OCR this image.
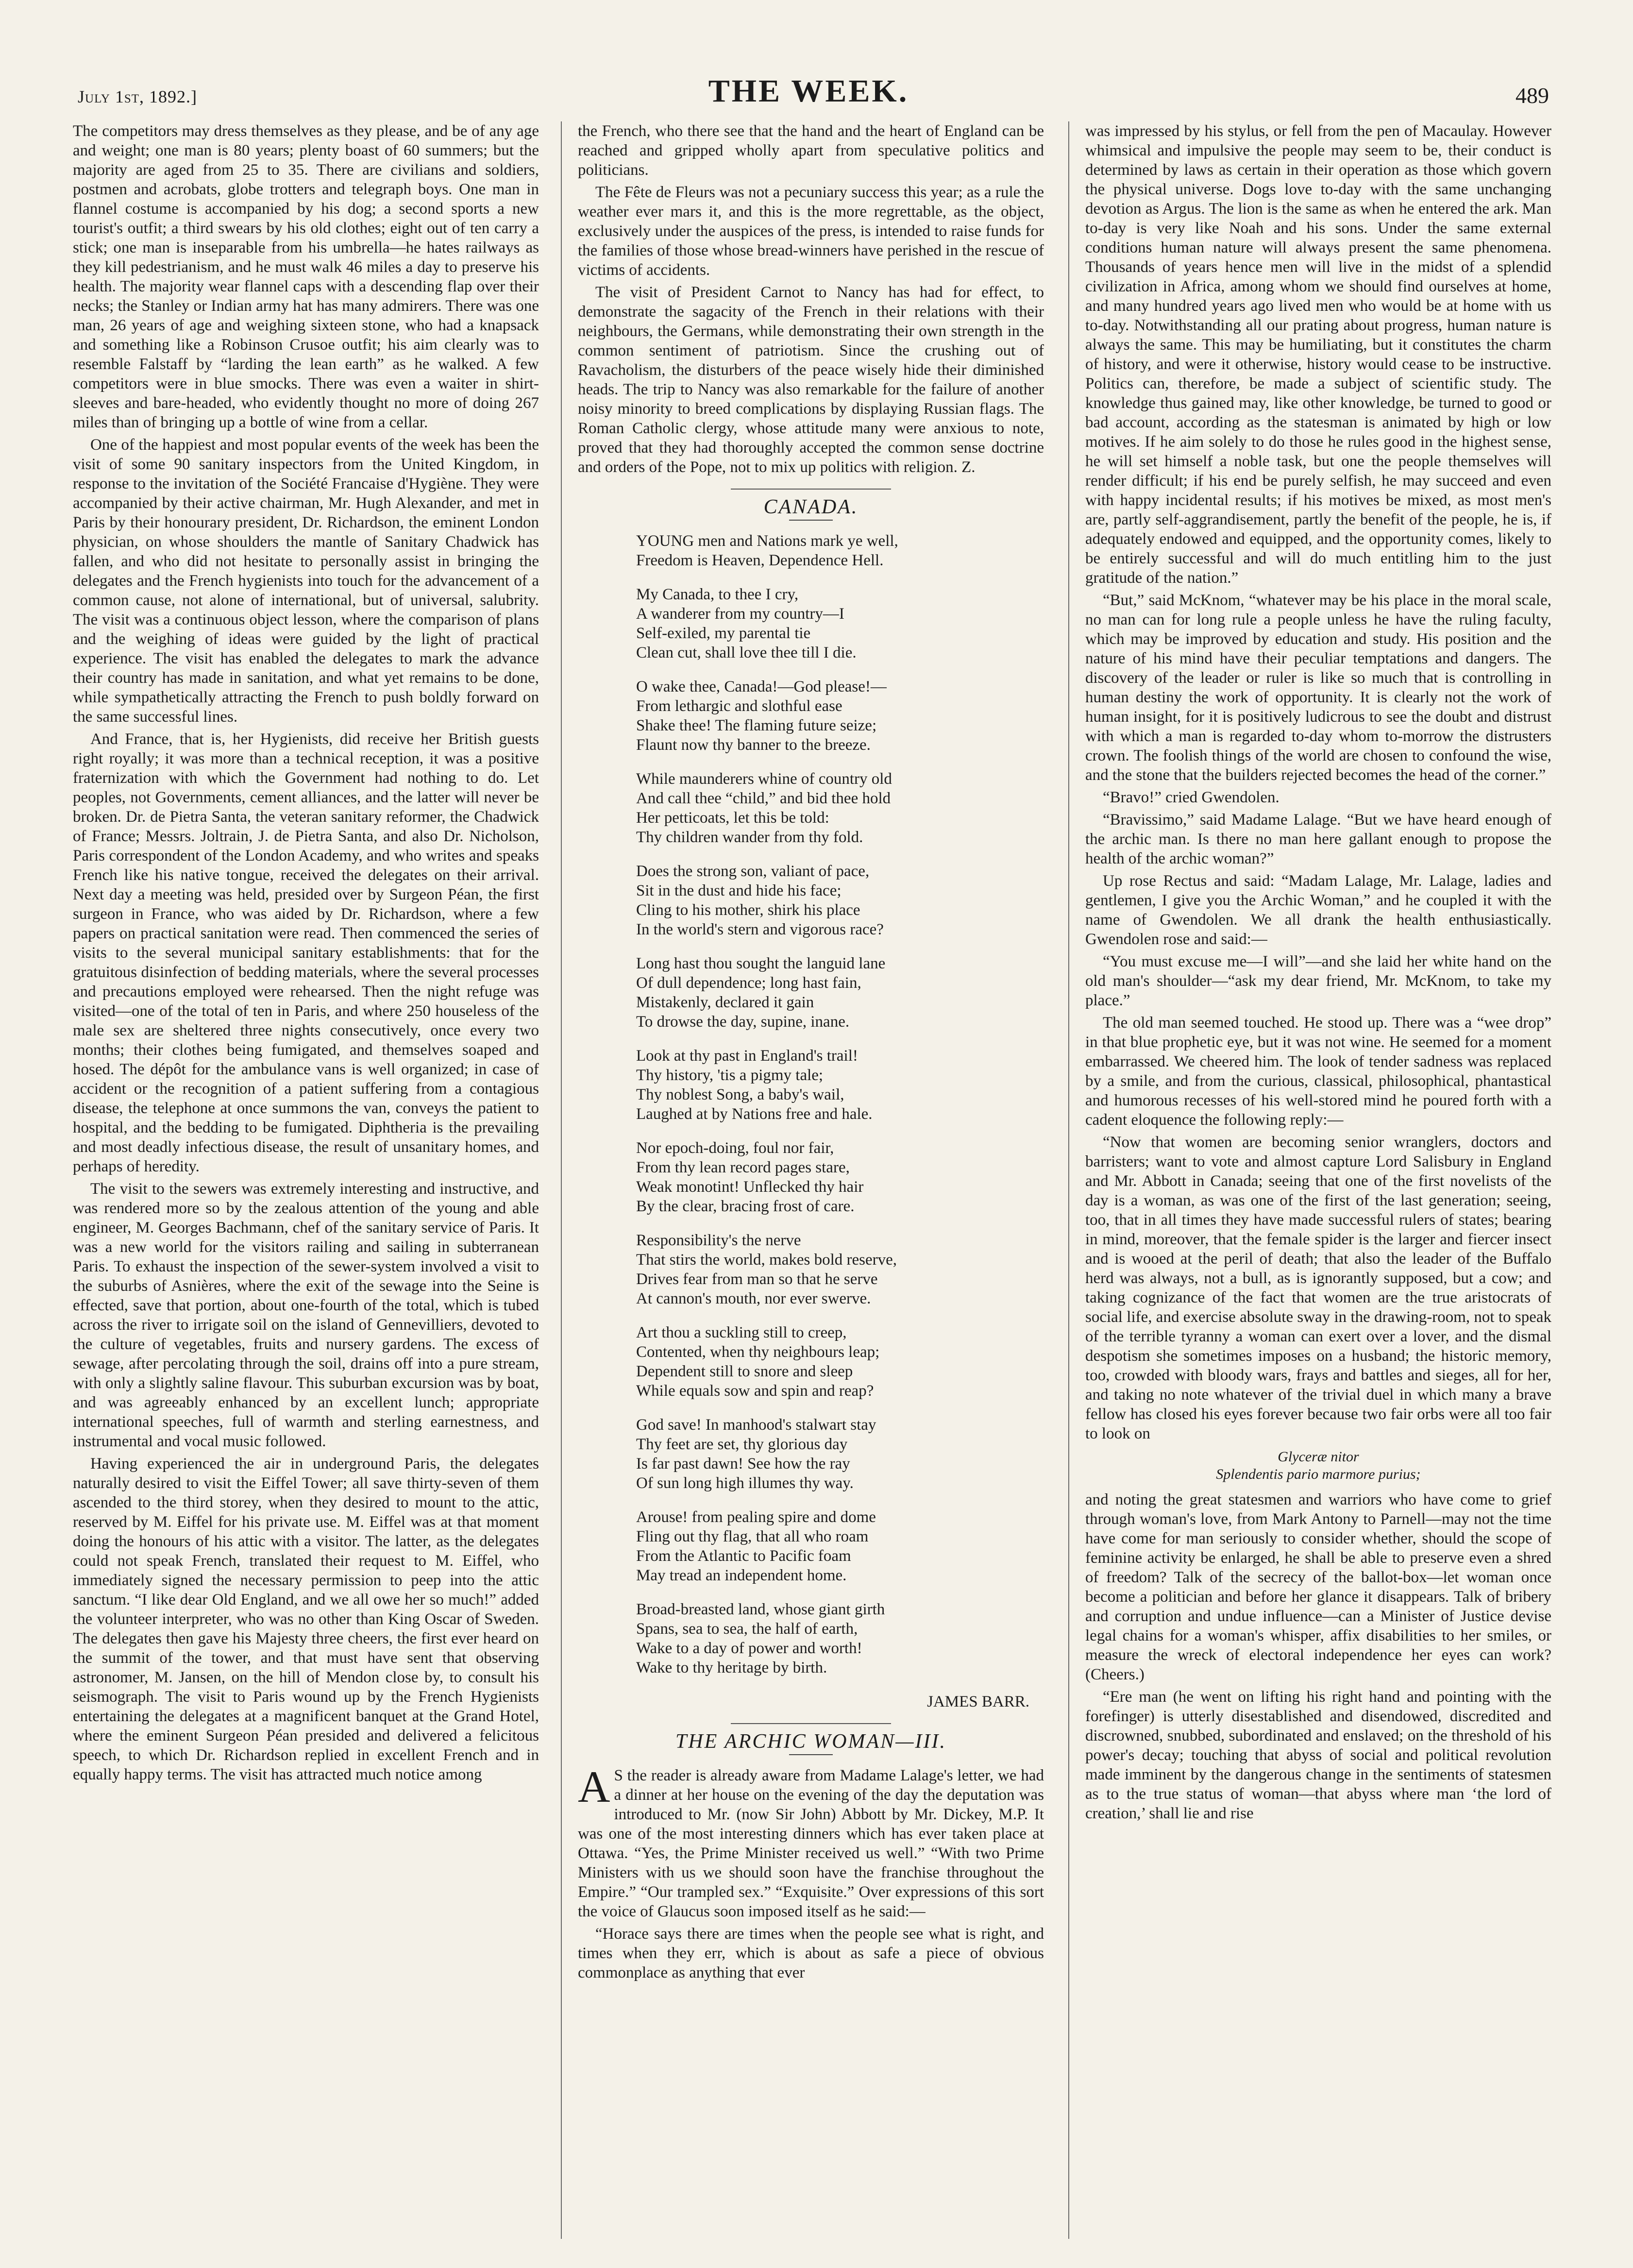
July 1st, 1892.]	THE WEEK.	489

The competitors may dress themselves as they please, and be of any age and weight; one man is 80 years; plenty boast of 60 summers; but the majority are aged from 25 to 35. There are civilians and soldiers, postmen and acrobats, globe trotters and telegraph boys. One man in flannel costume is accompanied by his dog; a second sports a new tourist's outfit; a third swears by his old clothes; eight out of ten carry a stick; one man is inseparable from his umbrella—he hates railways as they kill pedestrianism, and he must walk 46 miles a day to preserve his health. The majority wear flannel caps with a descending flap over their necks; the Stanley or Indian army hat has many admirers. There was one man, 26 years of age and weighing sixteen stone, who had a knapsack and something like a Robinson Crusoe outfit; his aim clearly was to resemble Falstaff by “larding the lean earth” as he walked. A few competitors were in blue smocks. There was even a waiter in shirt-sleeves and bare-headed, who evidently thought no more of doing 267 miles than of bringing up a bottle of wine from a cellar.

One of the happiest and most popular events of the week has been the visit of some 90 sanitary inspectors from the United Kingdom, in response to the invitation of the Société Francaise d'Hygiène. They were accompanied by their active chairman, Mr. Hugh Alexander, and met in Paris by their honourary president, Dr. Richardson, the eminent London physician, on whose shoulders the mantle of Sanitary Chadwick has fallen, and who did not hesitate to personally assist in bringing the delegates and the French hygienists into touch for the advancement of a common cause, not alone of international, but of universal, salubrity. The visit was a continuous object lesson, where the comparison of plans and the weighing of ideas were guided by the light of practical experience. The visit has enabled the delegates to mark the advance their country has made in sanitation, and what yet remains to be done, while sympathetically attracting the French to push boldly forward on the same successful lines.

And France, that is, her Hygienists, did receive her British guests right royally; it was more than a technical reception, it was a positive fraternization with which the Government had nothing to do. Let peoples, not Governments, cement alliances, and the latter will never be broken. Dr. de Pietra Santa, the veteran sanitary reformer, the Chadwick of France; Messrs. Joltrain, J. de Pietra Santa, and also Dr. Nicholson, Paris correspondent of the London Academy, and who writes and speaks French like his native tongue, received the delegates on their arrival. Next day a meeting was held, presided over by Surgeon Péan, the first surgeon in France, who was aided by Dr. Richardson, where a few papers on practical sanitation were read. Then commenced the series of visits to the several municipal sanitary establishments: that for the gratuitous disinfection of bedding materials, where the several processes and precautions employed were rehearsed. Then the night refuge was visited—one of the total of ten in Paris, and where 250 houseless of the male sex are sheltered three nights consecutively, once every two months; their clothes being fumigated, and themselves soaped and hosed. The dépôt for the ambulance vans is well organized; in case of accident or the recognition of a patient suffering from a contagious disease, the telephone at once summons the van, conveys the patient to hospital, and the bedding to be fumigated. Diphtheria is the prevailing and most deadly infectious disease, the result of unsanitary homes, and perhaps of heredity.

The visit to the sewers was extremely interesting and instructive, and was rendered more so by the zealous attention of the young and able engineer, M. Georges Bachmann, chef of the sanitary service of Paris. It was a new world for the visitors railing and sailing in subterranean Paris. To exhaust the inspection of the sewer-system involved a visit to the suburbs of Asnières, where the exit of the sewage into the Seine is effected, save that portion, about one-fourth of the total, which is tubed across the river to irrigate soil on the island of Gennevilliers, devoted to the culture of vegetables, fruits and nursery gardens. The excess of sewage, after percolating through the soil, drains off into a pure stream, with only a slightly saline flavour. This suburban excursion was by boat, and was agreeably enhanced by an excellent lunch; appropriate international speeches, full of warmth and sterling earnestness, and instrumental and vocal music followed.

Having experienced the air in underground Paris, the delegates naturally desired to visit the Eiffel Tower; all save thirty-seven of them ascended to the third storey, when they desired to mount to the attic, reserved by M. Eiffel for his private use. M. Eiffel was at that moment doing the honours of his attic with a visitor. The latter, as the delegates could not speak French, translated their request to M. Eiffel, who immediately signed the necessary permission to peep into the attic sanctum. “I like dear Old England, and we all owe her so much!” added the volunteer interpreter, who was no other than King Oscar of Sweden. The delegates then gave his Majesty three cheers, the first ever heard on the summit of the tower, and that must have sent that observing astronomer, M. Jansen, on the hill of Mendon close by, to consult his seismograph. The visit to Paris wound up by the French Hygienists entertaining the delegates at a magnificent banquet at the Grand Hotel, where the eminent Surgeon Péan presided and delivered a felicitous speech, to which Dr. Richardson replied in excellent French and in equally happy terms. The visit has attracted much notice among

the French, who there see that the hand and the heart of England can be reached and gripped wholly apart from speculative politics and politicians.

The Fête de Fleurs was not a pecuniary success this year; as a rule the weather ever mars it, and this is the more regrettable, as the object, exclusively under the auspices of the press, is intended to raise funds for the families of those whose bread-winners have perished in the rescue of victims of accidents.

The visit of President Carnot to Nancy has had for effect, to demonstrate the sagacity of the French in their relations with their neighbours, the Germans, while demonstrating their own strength in the common sentiment of patriotism. Since the crushing out of Ravacholism, the disturbers of the peace wisely hide their diminished heads. The trip to Nancy was also remarkable for the failure of another noisy minority to breed complications by displaying Russian flags. The Roman Catholic clergy, whose attitude many were anxious to note, proved that they had thoroughly accepted the common sense doctrine and orders of the Pope, not to mix up politics with religion. Z.

CANADA.
YOUNG men and Nations mark ye well,
Freedom is Heaven, Dependence Hell.
My Canada, to thee I cry,
A wanderer from my country—I
Self-exiled, my parental tie
Clean cut, shall love thee till I die.
O wake thee, Canada!—God please!—
From lethargic and slothful ease
Shake thee! The flaming future seize;
Flaunt now thy banner to the breeze.
While maunderers whine of country old
And call thee “child,” and bid thee hold
Her petticoats, let this be told:
Thy children wander from thy fold.
Does the strong son, valiant of pace,
Sit in the dust and hide his face;
Cling to his mother, shirk his place
In the world's stern and vigorous race?
Long hast thou sought the languid lane
Of dull dependence; long hast fain,
Mistakenly, declared it gain
To drowse the day, supine, inane.
Look at thy past in England's trail!
Thy history, 'tis a pigmy tale;
Thy noblest Song, a baby's wail,
Laughed at by Nations free and hale.
Nor epoch-doing, foul nor fair,
From thy lean record pages stare,
Weak monotint! Unflecked thy hair
By the clear, bracing frost of care.
Responsibility's the nerve
That stirs the world, makes bold reserve,
Drives fear from man so that he serve
At cannon's mouth, nor ever swerve.
Art thou a suckling still to creep,
Contented, when thy neighbours leap;
Dependent still to snore and sleep
While equals sow and spin and reap?
God save! In manhood's stalwart stay
Thy feet are set, thy glorious day
Is far past dawn! See how the ray
Of sun long high illumes thy way.
Arouse! from pealing spire and dome
Fling out thy flag, that all who roam
From the Atlantic to Pacific foam
May tread an independent home.
Broad-breasted land, whose giant girth
Spans, sea to sea, the half of earth,
Wake to a day of power and worth!
Wake to thy heritage by birth.
JAMES BARR.
THE ARCHIC WOMAN—III.

A S the reader is already aware from Madame Lalage's letter, we had a dinner at her house on the evening of the day the deputation was introduced to Mr. (now Sir John) Abbott by Mr. Dickey, M.P. It was one of the most interesting dinners which has ever taken place at Ottawa. “Yes, the Prime Minister received us well.” “With two Prime Ministers with us we should soon have the franchise throughout the Empire.” “Our trampled sex.” “Exquisite.” Over expressions of this sort the voice of Glaucus soon imposed itself as he said:—

“Horace says there are times when the people see what is right, and times when they err, which is about as safe a piece of obvious commonplace as anything that ever

was impressed by his stylus, or fell from the pen of Macaulay. However whimsical and impulsive the people may seem to be, their conduct is determined by laws as certain in their operation as those which govern the physical universe. Dogs love to-day with the same unchanging devotion as Argus. The lion is the same as when he entered the ark. Man to-day is very like Noah and his sons. Under the same external conditions human nature will always present the same phenomena. Thousands of years hence men will live in the midst of a splendid civilization in Africa, among whom we should find ourselves at home, and many hundred years ago lived men who would be at home with us to-day. Notwithstanding all our prating about progress, human nature is always the same. This may be humiliating, but it constitutes the charm of history, and were it otherwise, history would cease to be instructive. Politics can, therefore, be made a subject of scientific study. The knowledge thus gained may, like other knowledge, be turned to good or bad account, according as the statesman is animated by high or low motives. If he aim solely to do those he rules good in the highest sense, he will set himself a noble task, but one the people themselves will render difficult; if his end be purely selfish, he may succeed and even with happy incidental results; if his motives be mixed, as most men's are, partly self-aggrandisement, partly the benefit of the people, he is, if adequately endowed and equipped, and the opportunity comes, likely to be entirely successful and will do much entitling him to the just gratitude of the nation.”

“But,” said McKnom, “whatever may be his place in the moral scale, no man can for long rule a people unless he have the ruling faculty, which may be improved by education and study. His position and the nature of his mind have their peculiar temptations and dangers. The discovery of the leader or ruler is like so much that is controlling in human destiny the work of opportunity. It is clearly not the work of human insight, for it is positively ludicrous to see the doubt and distrust with which a man is regarded to-day whom to-morrow the distrusters crown. The foolish things of the world are chosen to confound the wise, and the stone that the builders rejected becomes the head of the corner.”

“Bravo!” cried Gwendolen.

“Bravissimo,” said Madame Lalage. “But we have heard enough of the archic man. Is there no man here gallant enough to propose the health of the archic woman?”

Up rose Rectus and said: “Madam Lalage, Mr. Lalage, ladies and gentlemen, I give you the Archic Woman,” and he coupled it with the name of Gwendolen. We all drank the health enthusiastically. Gwendolen rose and said:—

“You must excuse me—I will”—and she laid her white hand on the old man's shoulder—“ask my dear friend, Mr. McKnom, to take my place.”

The old man seemed touched. He stood up. There was a “wee drop” in that blue prophetic eye, but it was not wine. He seemed for a moment embarrassed. We cheered him. The look of tender sadness was replaced by a smile, and from the curious, classical, philosophical, phantastical and humorous recesses of his well-stored mind he poured forth with a cadent eloquence the following reply:—

“Now that women are becoming senior wranglers, doctors and barristers; want to vote and almost capture Lord Salisbury in England and Mr. Abbott in Canada; seeing that one of the first novelists of the day is a woman, as was one of the first of the last generation; seeing, too, that in all times they have made successful rulers of states; bearing in mind, moreover, that the female spider is the larger and fiercer insect and is wooed at the peril of death; that also the leader of the Buffalo herd was always, not a bull, as is ignorantly supposed, but a cow; and taking cognizance of the fact that women are the true aristocrats of social life, and exercise absolute sway in the drawing-room, not to speak of the terrible tyranny a woman can exert over a lover, and the dismal despotism she sometimes imposes on a husband; the historic memory, too, crowded with bloody wars, frays and battles and sieges, all for her, and taking no note whatever of the trivial duel in which many a brave fellow has closed his eyes forever because two fair orbs were all too fair to look on

Glyceræ nitor
Splendentis pario marmore purius;

and noting the great statesmen and warriors who have come to grief through woman's love, from Mark Antony to Parnell—may not the time have come for man seriously to consider whether, should the scope of feminine activity be enlarged, he shall be able to preserve even a shred of freedom? Talk of the secrecy of the ballot-box—let woman once become a politician and before her glance it disappears. Talk of bribery and corruption and undue influence—can a Minister of Justice devise legal chains for a woman's whisper, affix disabilities to her smiles, or measure the wreck of electoral independence her eyes can work? (Cheers.)

“Ere man (he went on lifting his right hand and pointing with the forefinger) is utterly disestablished and disendowed, discredited and discrowned, snubbed, subordinated and enslaved; on the threshold of his power's decay; touching that abyss of social and political revolution made imminent by the dangerous change in the sentiments of statesmen as to the true status of woman—that abyss where man ‘the lord of creation,’ shall lie and rise
